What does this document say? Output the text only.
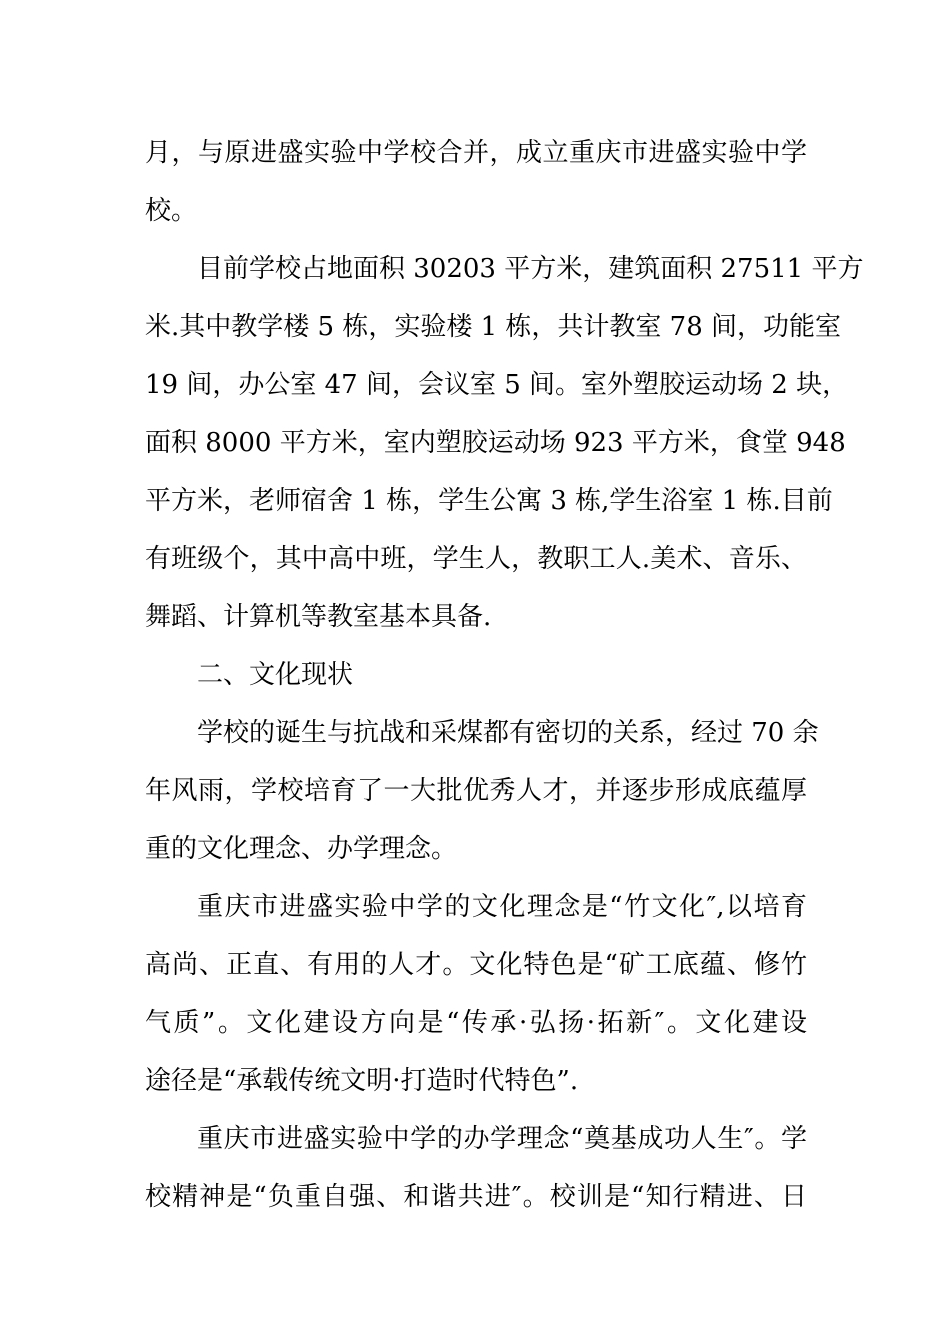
月，与原进盛实验中学校合并，成立重庆市进盛实验中学
校。
目前学校占地面积 30203 平方米，建筑面积 27511 平方
米.其中教学楼 5 栋，实验楼 1 栋，共计教室 78 间，功能室
19 间，办公室 47 间，会议室 5 间。室外塑胶运动场 2 块，
面积 8000 平方米，室内塑胶运动场 923 平方米，食堂 948
平方米，老师宿舍 1 栋，学生公寓 3 栋,学生浴室 1 栋.目前
有班级个，其中高中班，学生人，教职工人.美术、音乐、
舞蹈、计算机等教室基本具备.
二、文化现状
学校的诞生与抗战和采煤都有密切的关系，经过 70 余
年风雨，学校培育了一大批优秀人才，并逐步形成底蕴厚
重的文化理念、办学理念。
重庆市进盛实验中学的文化理念是“竹文化″,以培育
高尚、正直、有用的人才。文化特色是“矿工底蕴、修竹
气质”。文化建设方向是“传承·弘扬·拓新″。文化建设
途径是“承载传统文明·打造时代特色”.
重庆市进盛实验中学的办学理念“奠基成功人生″。学
校精神是“负重自强、和谐共进″。校训是“知行精进、日
